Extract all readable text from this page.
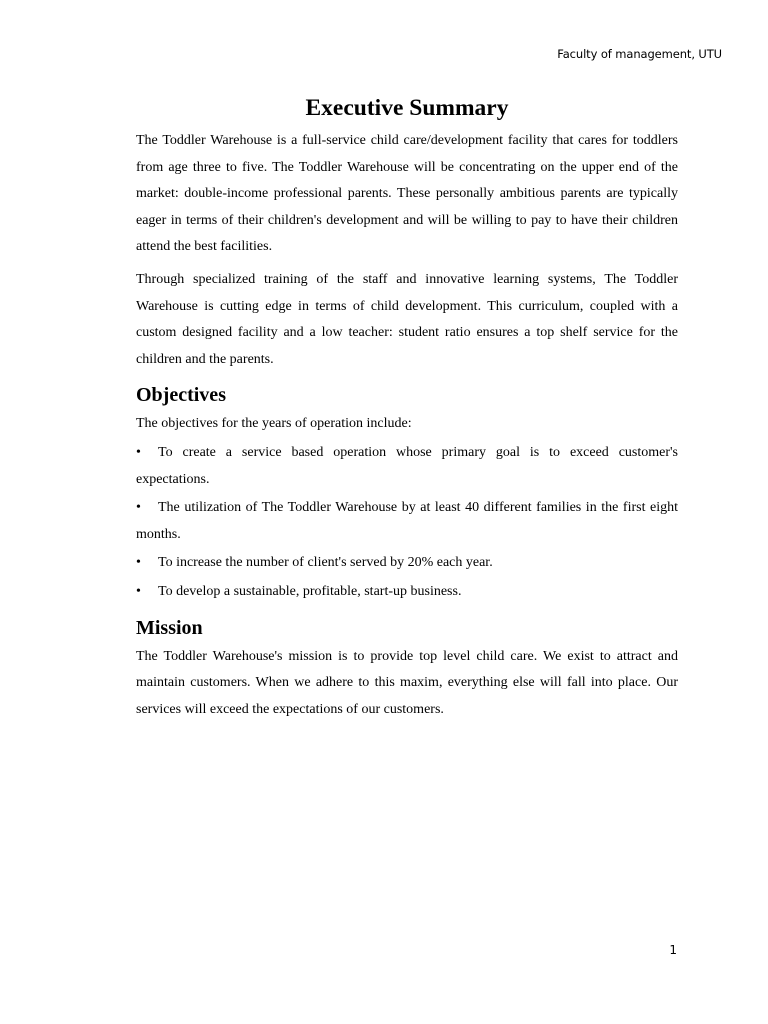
Faculty of management, UTU
Executive Summary

The Toddler Warehouse is a full-service child care/development facility that cares for toddlers from age three to five. The Toddler Warehouse will be concentrating on the upper end of the market: double-income professional parents. These personally ambitious parents are typically eager in terms of their children's development and will be willing to pay to have their children attend the best facilities.

Through specialized training of the staff and innovative learning systems, The Toddler Warehouse is cutting edge in terms of child development. This curriculum, coupled with a custom designed facility and a low teacher: student ratio ensures a top shelf service for the children and the parents.

Objectives

The objectives for the years of operation include:

• To create a service based operation whose primary goal is to exceed customer's expectations.
• The utilization of The Toddler Warehouse by at least 40 different families in the first eight months.
• To increase the number of client's served by 20% each year.
• To develop a sustainable, profitable, start-up business.
Mission

The Toddler Warehouse's mission is to provide top level child care. We exist to attract and maintain customers. When we adhere to this maxim, everything else will fall into place. Our services will exceed the expectations of our customers.

1
